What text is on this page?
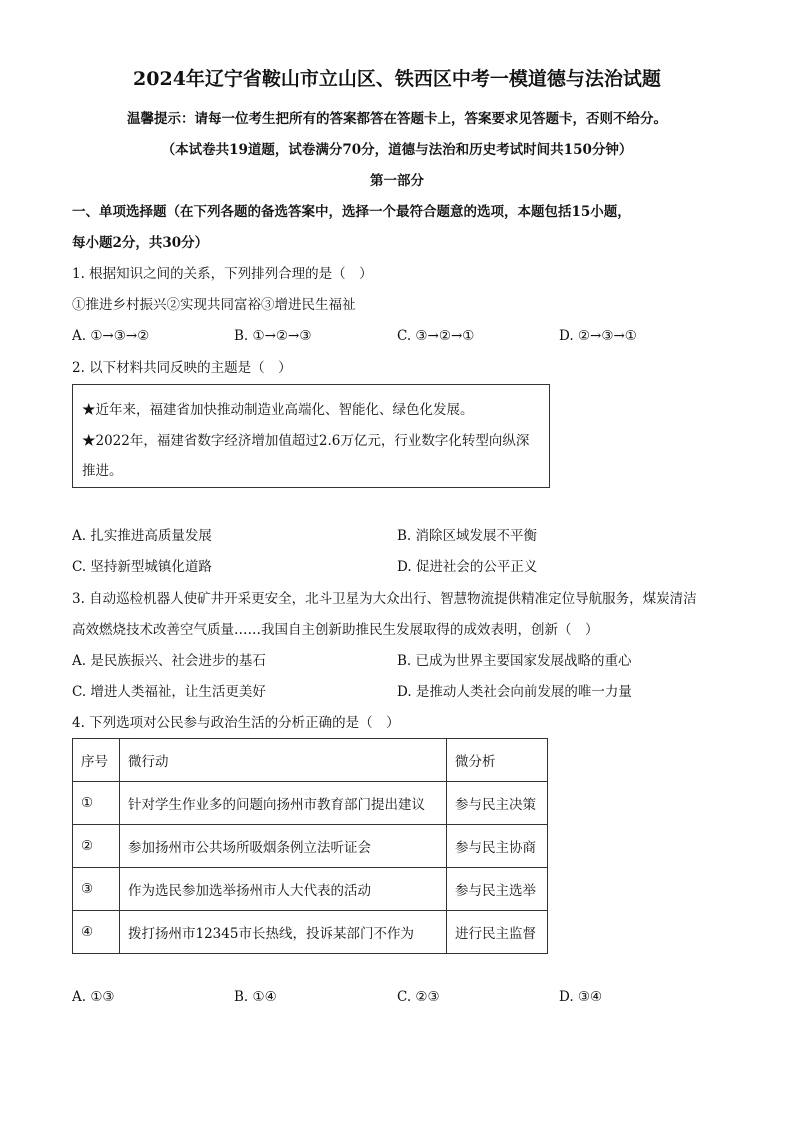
2024年辽宁省鞍山市立山区、铁西区中考一模道德与法治试题
温馨提示：请每一位考生把所有的答案都答在答题卡上，答案要求见答题卡，否则不给分。
（本试卷共19道题，试卷满分70分，道德与法治和历史考试时间共150分钟）
第一部分
一、单项选择题（在下列各题的备选答案中，选择一个最符合题意的选项，本题包括15小题，
每小题2分，共30分）
1. 根据知识之间的关系，下列排列合理的是（　）
①推进乡村振兴②实现共同富裕③增进民生福祉
A. ①→③→②	B. ①→②→③	C. ③→②→①	D. ②→③→①
2. 以下材料共同反映的主题是（　）
★近年来，福建省加快推动制造业高端化、智能化、绿色化发展。
★2022年，福建省数字经济增加值超过2.6万亿元，行业数字化转型向纵深
推进。
A. 扎实推进高质量发展	B. 消除区域发展不平衡
C. 坚持新型城镇化道路	D. 促进社会的公平正义
3. 自动巡检机器人使矿井开采更安全，北斗卫星为大众出行、智慧物流提供精准定位导航服务，煤炭清洁
高效燃烧技术改善空气质量……我国自主创新助推民生发展取得的成效表明，创新（　）
A. 是民族振兴、社会进步的基石	B. 已成为世界主要国家发展战略的重心
C. 增进人类福祉，让生活更美好	D. 是推动人类社会向前发展的唯一力量
4. 下列选项对公民参与政治生活的分析正确的是（　）
序号	微行动	微分析
①	针对学生作业多的问题向扬州市教育部门提出建议	参与民主决策
②	参加扬州市公共场所吸烟条例立法听证会	参与民主协商
③	作为选民参加选举扬州市人大代表的活动	参与民主选举
④	拨打扬州市12345市长热线，投诉某部门不作为	进行民主监督
A. ①③	B. ①④	C. ②③	D. ③④
